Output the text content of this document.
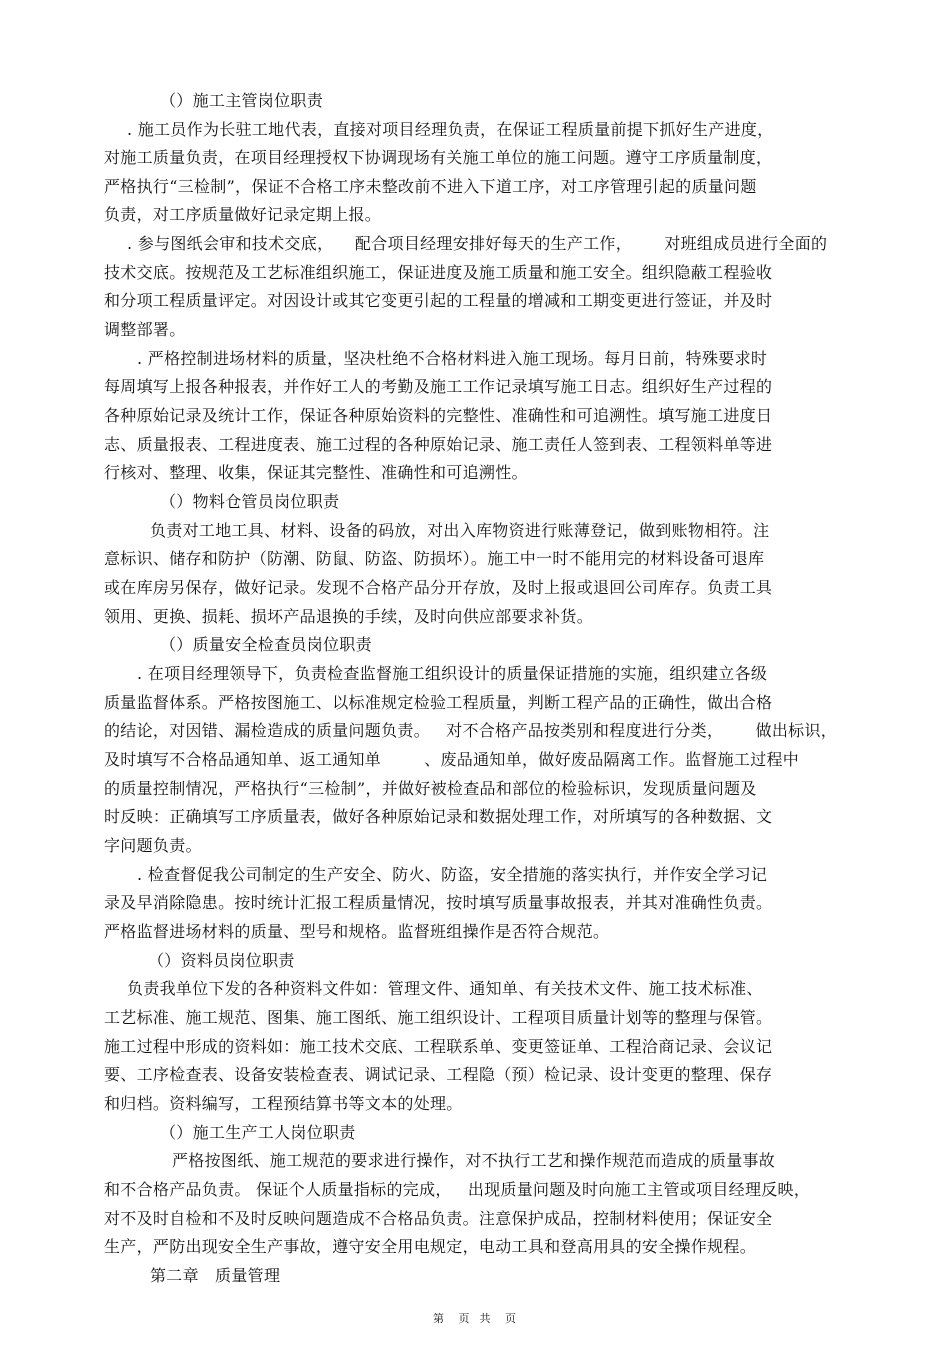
（）施工主管岗位职责
. 施工员作为长驻工地代表，直接对项目经理负责，在保证工程质量前提下抓好生产进度，
对施工质量负责，在项目经理授权下协调现场有关施工单位的施工问题。遵守工序质量制度，
严格执行“三检制”，保证不合格工序未整改前不进入下道工序，对工序管理引起的质量问题
负责，对工序质量做好记录定期上报。
. 参与图纸会审和技术交底，    配合项目经理安排好每天的生产工作，      对班组成员进行全面的
技术交底。按规范及工艺标准组织施工，保证进度及施工质量和施工安全。组织隐蔽工程验收
和分项工程质量评定。对因设计或其它变更引起的工程量的增减和工期变更进行签证，并及时
调整部署。
. 严格控制进场材料的质量，坚决杜绝不合格材料进入施工现场。每月日前，特殊要求时
每周填写上报各种报表，并作好工人的考勤及施工工作记录填写施工日志。组织好生产过程的
各种原始记录及统计工作，保证各种原始资料的完整性、准确性和可追溯性。填写施工进度日
志、质量报表、工程进度表、施工过程的各种原始记录、施工责任人签到表、工程领料单等进
行核对、整理、收集，保证其完整性、准确性和可追溯性。
（）物料仓管员岗位职责
负责对工地工具、材料、设备的码放，对出入库物资进行账薄登记，做到账物相符。注
意标识、储存和防护（防潮、防鼠、防盗、防损坏）。施工中一时不能用完的材料设备可退库
或在库房另保存，做好记录。发现不合格产品分开存放，及时上报或退回公司库存。负责工具
领用、更换、损耗、损坏产品退换的手续，及时向供应部要求补货。
（）质量安全检查员岗位职责
. 在项目经理领导下，负责检查监督施工组织设计的质量保证措施的实施，组织建立各级
质量监督体系。严格按图施工、以标准规定检验工程质量，判断工程产品的正确性，做出合格
的结论，对因错、漏检造成的质量问题负责。   对不合格产品按类别和程度进行分类，      做出标识，
及时填写不合格品通知单、返工通知单        、废品通知单，做好废品隔离工作。监督施工过程中
的质量控制情况，严格执行“三检制”，并做好被检查品和部位的检验标识，发现质量问题及
时反映：正确填写工序质量表，做好各种原始记录和数据处理工作，对所填写的各种数据、文
字问题负责。
. 检查督促我公司制定的生产安全、防火、防盗，安全措施的落实执行，并作安全学习记
录及早消除隐患。按时统计汇报工程质量情况，按时填写质量事故报表，并其对准确性负责。
严格监督进场材料的质量、型号和规格。监督班组操作是否符合规范。
（）资料员岗位职责
负责我单位下发的各种资料文件如：管理文件、通知单、有关技术文件、施工技术标准、
工艺标准、施工规范、图集、施工图纸、施工组织设计、工程项目质量计划等的整理与保管。
施工过程中形成的资料如：施工技术交底、工程联系单、变更签证单、工程洽商记录、会议记
要、工序检查表、设备安装检查表、调试记录、工程隐（预）检记录、设计变更的整理、保存
和归档。资料编写，工程预结算书等文本的处理。
（）施工生产工人岗位职责
严格按图纸、施工规范的要求进行操作，对不执行工艺和操作规范而造成的质量事故
和不合格产品负责。 保证个人质量指标的完成，   出现质量问题及时向施工主管或项目经理反映，
对不及时自检和不及时反映问题造成不合格品负责。注意保护成品，控制材料使用；保证安全
生产，严防出现安全生产事故，遵守安全用电规定，电动工具和登高用具的安全操作规程。
第二章   质量管理
第   页  共   页
